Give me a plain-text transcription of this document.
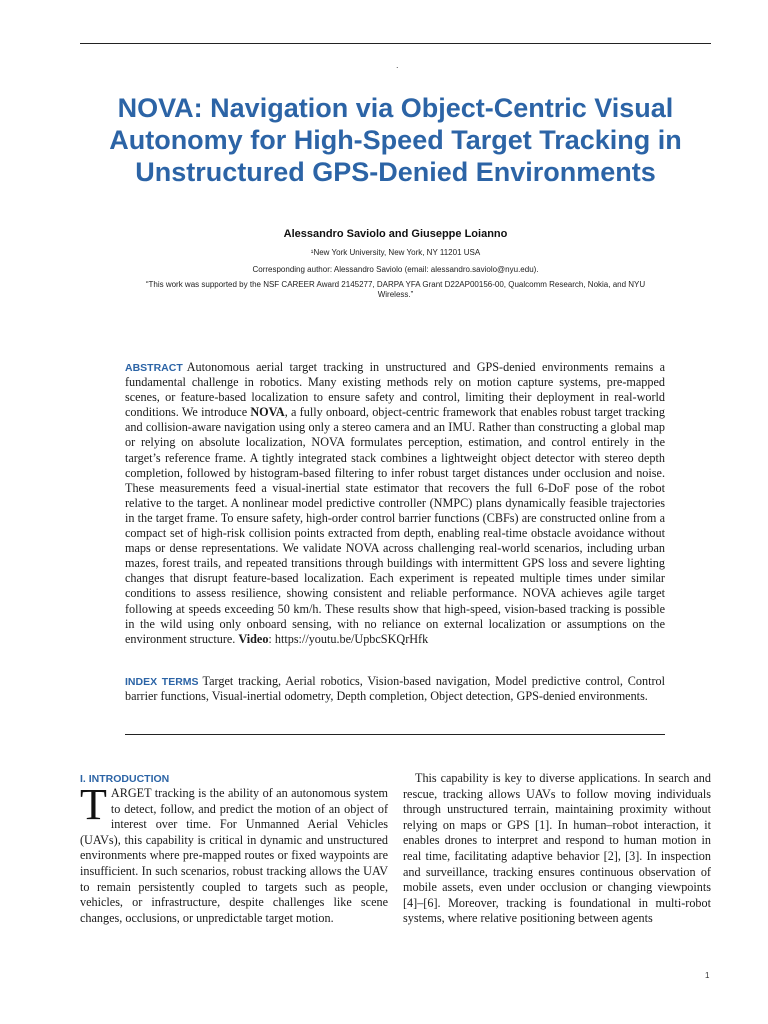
.
NOVA: Navigation via Object-Centric Visual Autonomy for High-Speed Target Tracking in Unstructured GPS-Denied Environments
Alessandro Saviolo and Giuseppe Loianno
¹New York University, New York, NY 11201 USA
Corresponding author: Alessandro Saviolo (email: alessandro.saviolo@nyu.edu).
“This work was supported by the NSF CAREER Award 2145277, DARPA YFA Grant D22AP00156-00, Qualcomm Research, Nokia, and NYU Wireless.”

ABSTRACT Autonomous aerial target tracking in unstructured and GPS-denied environments remains a fundamental challenge in robotics. Many existing methods rely on motion capture systems, pre-mapped scenes, or feature-based localization to ensure safety and control, limiting their deployment in real-world conditions. We introduce NOVA, a fully onboard, object-centric framework that enables robust target tracking and collision-aware navigation using only a stereo camera and an IMU. Rather than constructing a global map or relying on absolute localization, NOVA formulates perception, estimation, and control entirely in the target’s reference frame. A tightly integrated stack combines a lightweight object detector with stereo depth completion, followed by histogram-based filtering to infer robust target distances under occlusion and noise. These measurements feed a visual-inertial state estimator that recovers the full 6-DoF pose of the robot relative to the target. A nonlinear model predictive controller (NMPC) plans dynamically feasible trajectories in the target frame. To ensure safety, high-order control barrier functions (CBFs) are constructed online from a compact set of high-risk collision points extracted from depth, enabling real-time obstacle avoidance without maps or dense representations. We validate NOVA across challenging real-world scenarios, including urban mazes, forest trails, and repeated transitions through buildings with intermittent GPS loss and severe lighting changes that disrupt feature-based localization. Each experiment is repeated multiple times under similar conditions to assess resilience, showing consistent and reliable performance. NOVA achieves agile target following at speeds exceeding 50 km/h. These results show that high-speed, vision-based tracking is possible in the wild using only onboard sensing, with no reliance on external localization or assumptions on the environment structure. Video: https://youtu.be/UpbcSKQrHfk

INDEX TERMS Target tracking, Aerial robotics, Vision-based navigation, Model predictive control, Control barrier functions, Visual-inertial odometry, Depth completion, Object detection, GPS-denied environments.

I. INTRODUCTION

TARGET tracking is the ability of an autonomous system to detect, follow, and predict the motion of an object of interest over time. For Unmanned Aerial Vehicles (UAVs), this capability is critical in dynamic and unstructured environments where pre-mapped routes or fixed waypoints are insufficient. In such scenarios, robust tracking allows the UAV to remain persistently coupled to targets such as people, vehicles, or infrastructure, despite challenges like scene changes, occlusions, or unpredictable target motion.

This capability is key to diverse applications. In search and rescue, tracking allows UAVs to follow moving individuals through unstructured terrain, maintaining proximity without relying on maps or GPS [1]. In human–robot interaction, it enables drones to interpret and respond to human motion in real time, facilitating adaptive behavior [2], [3]. In inspection and surveillance, tracking ensures continuous observation of mobile assets, even under occlusion or changing viewpoints [4]–[6]. Moreover, tracking is foundational in multi-robot systems, where relative positioning between agents

1
